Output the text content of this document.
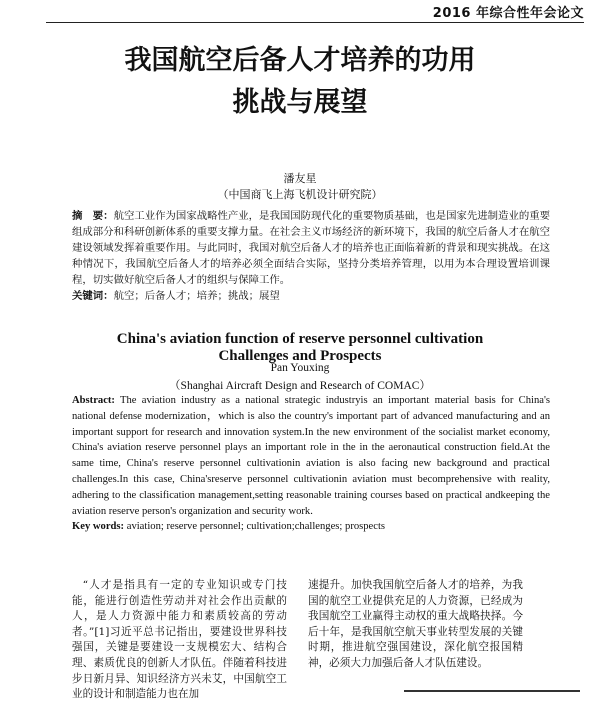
2016 年综合性年会论文
我国航空后备人才培养的功用
挑战与展望
潘友星
（中国商飞上海飞机设计研究院）
摘　要：航空工业作为国家战略性产业，是我国国防现代化的重要物质基础，也是国家先进制造业的重要组成部分和科研创新体系的重要支撑力量。在社会主义市场经济的新环境下，我国的航空后备人才在航空建设领域发挥着重要作用。与此同时，我国对航空后备人才的培养也正面临着新的背景和现实挑战。在这种情况下，我国航空后备人才的培养必须全面结合实际，坚持分类培养管理，以用为本合理设置培训课程，切实做好航空后备人才的组织与保障工作。
关键词：航空；后备人才；培养；挑战；展望
China's aviation function of reserve personnel cultivation
Challenges and Prospects
Pan Youxing
（Shanghai Aircraft Design and Research of COMAC）
Abstract: The aviation industry as a national strategic industryis an important material basis for China's national defense modernization，which is also the country's important part of advanced manufacturing and an important support for research and innovation system.In the new environment of the socialist market economy, China's aviation reserve personnel plays an important role in the in the aeronautical construction field.At the same time, China's reserve personnel cultivationin aviation is also facing new background and practical challenges.In this case, China'sreserve personnel cultivationin aviation must becomprehensive with reality, adhering to the classification management,setting reasonable training courses based on practical andkeeping the aviation reserve person's organization and security work.
Key words: aviation; reserve personnel; cultivation;challenges; prospects
“人才是指具有一定的专业知识或专门技能，能进行创造性劳动并对社会作出贡献的人，是人力资源中能力和素质较高的劳动者。”[1]习近平总书记指出，要建设世界科技强国，关键是要建设一支规模宏大、结构合理、素质优良的创新人才队伍。伴随着科技进步日新月异、知识经济方兴未艾，中国航空工业的设计和制造能力也在加
速提升。加快我国航空后备人才的培养，为我国的航空工业提供充足的人力资源，已经成为我国航空工业赢得主动权的重大战略抉择。今后十年，是我国航空航天事业转型发展的关键时期，推进航空强国建设，深化航空报国精神，必须大力加强后备人才队伍建设。
